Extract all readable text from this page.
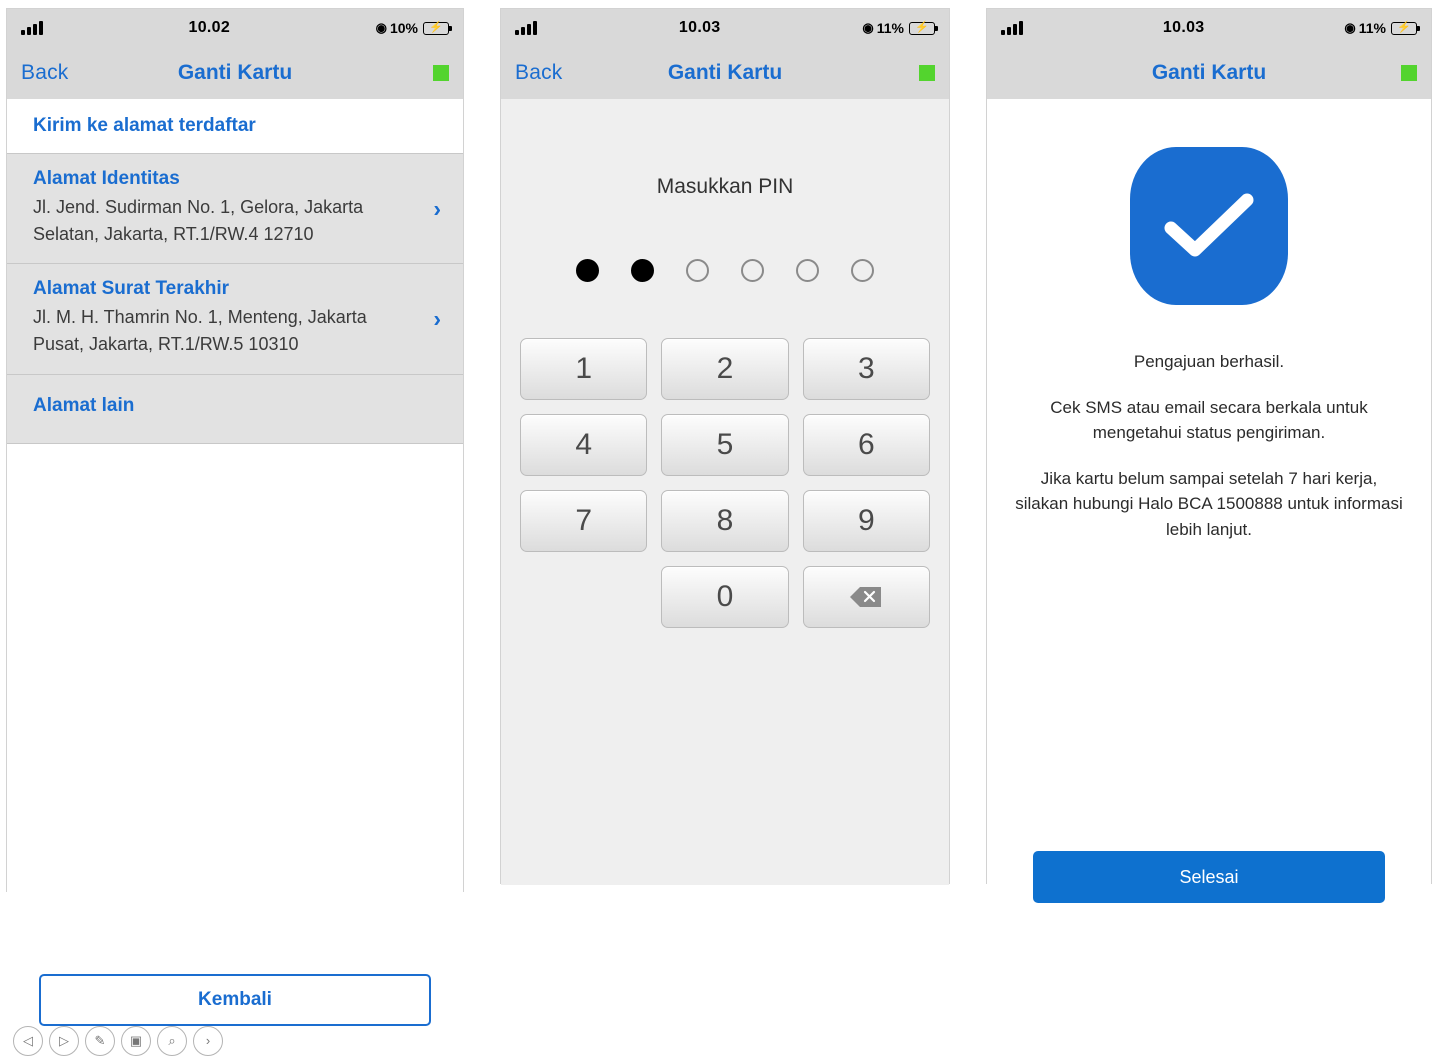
10.02	◉ 10% ⚡
Back	Ganti Kartu
Kirim ke alamat terdaftar
Alamat Identitas
Jl. Jend. Sudirman No. 1, Gelora, Jakarta Selatan, Jakarta, RT.1/RW.4 12710
›
Alamat Surat Terakhir
Jl. M. H. Thamrin No. 1, Menteng, Jakarta Pusat, Jakarta, RT.1/RW.5 10310
›
Alamat lain
Kembali
◁	▷	✎	▣	⌕	›
10.03	◉ 11% ⚡
Back	Ganti Kartu
Masukkan PIN
1	2	3
4	5	6
7	8	9
0
10.03	◉ 11% ⚡
Ganti Kartu

Pengajuan berhasil.

Cek SMS atau email secara berkala untuk mengetahui status pengiriman.

Jika kartu belum sampai setelah 7 hari kerja, silakan hubungi Halo BCA 1500888 untuk informasi lebih lanjut.

Selesai
